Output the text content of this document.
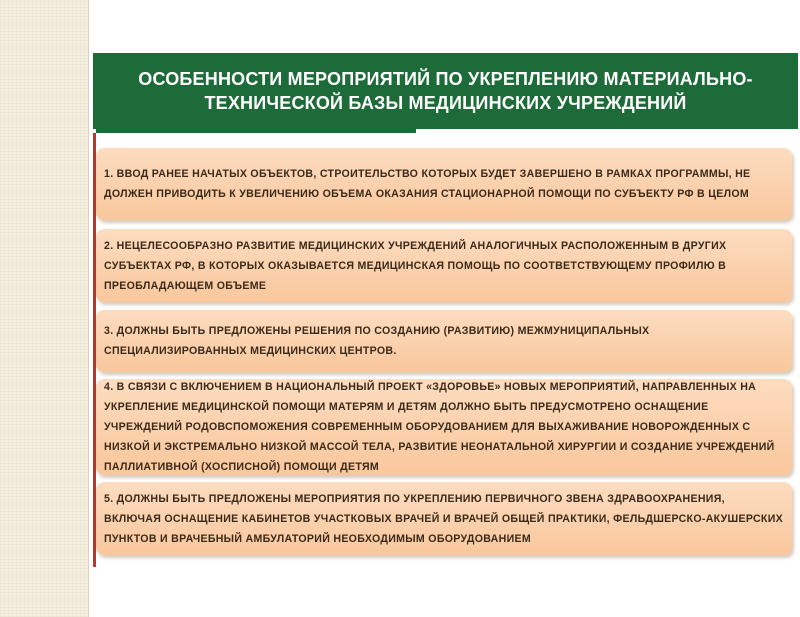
ОСОБЕННОСТИ МЕРОПРИЯТИЙ ПО УКРЕПЛЕНИЮ МАТЕРИАЛЬНО-ТЕХНИЧЕСКОЙ БАЗЫ МЕДИЦИНСКИХ УЧРЕЖДЕНИЙ
1. ВВОД РАНЕЕ НАЧАТЫХ ОБЪЕКТОВ, СТРОИТЕЛЬСТВО КОТОРЫХ БУДЕТ ЗАВЕРШЕНО В РАМКАХ ПРОГРАММЫ, НЕ ДОЛЖЕН ПРИВОДИТЬ К УВЕЛИЧЕНИЮ ОБЪЕМА ОКАЗАНИЯ СТАЦИОНАРНОЙ ПОМОЩИ ПО СУБЪЕКТУ РФ В ЦЕЛОМ
2. НЕЦЕЛЕСООБРАЗНО РАЗВИТИЕ МЕДИЦИНСКИХ УЧРЕЖДЕНИЙ АНАЛОГИЧНЫХ РАСПОЛОЖЕННЫМ В ДРУГИХ СУБЪЕКТАХ РФ, В КОТОРЫХ ОКАЗЫВАЕТСЯ МЕДИЦИНСКАЯ ПОМОЩЬ ПО СООТВЕТСТВУЮЩЕМУ ПРОФИЛЮ В ПРЕОБЛАДАЮЩЕМ ОБЪЕМЕ
3. ДОЛЖНЫ БЫТЬ ПРЕДЛОЖЕНЫ РЕШЕНИЯ ПО СОЗДАНИЮ (РАЗВИТИЮ) МЕЖМУНИЦИПАЛЬНЫХ СПЕЦИАЛИЗИРОВАННЫХ МЕДИЦИНСКИХ ЦЕНТРОВ.
4. В СВЯЗИ С ВКЛЮЧЕНИЕМ В НАЦИОНАЛЬНЫЙ ПРОЕКТ «ЗДОРОВЬЕ» НОВЫХ МЕРОПРИЯТИЙ, НАПРАВЛЕННЫХ НА УКРЕПЛЕНИЕ МЕДИЦИНСКОЙ ПОМОЩИ МАТЕРЯМ И ДЕТЯМ ДОЛЖНО БЫТЬ ПРЕДУСМОТРЕНО ОСНАЩЕНИЕ УЧРЕЖДЕНИЙ РОДОВСПОМОЖЕНИЯ СОВРЕМЕННЫМ ОБОРУДОВАНИЕМ ДЛЯ ВЫХАЖИВАНИЕ НОВОРОЖДЕННЫХ С НИЗКОЙ И ЭКСТРЕМАЛЬНО НИЗКОЙ МАССОЙ ТЕЛА, РАЗВИТИЕ НЕОНАТАЛЬНОЙ ХИРУРГИИ И СОЗДАНИЕ УЧРЕЖДЕНИЙ ПАЛЛИАТИВНОЙ (ХОСПИСНОЙ) ПОМОЩИ ДЕТЯМ
5. ДОЛЖНЫ БЫТЬ ПРЕДЛОЖЕНЫ МЕРОПРИЯТИЯ ПО УКРЕПЛЕНИЮ ПЕРВИЧНОГО ЗВЕНА ЗДРАВООХРАНЕНИЯ, ВКЛЮЧАЯ ОСНАЩЕНИЕ КАБИНЕТОВ УЧАСТКОВЫХ ВРАЧЕЙ И ВРАЧЕЙ ОБЩЕЙ ПРАКТИКИ, ФЕЛЬДШЕРСКО-АКУШЕРСКИХ ПУНКТОВ И ВРАЧЕБНЫЙ АМБУЛАТОРИЙ НЕОБХОДИМЫМ ОБОРУДОВАНИЕМ
